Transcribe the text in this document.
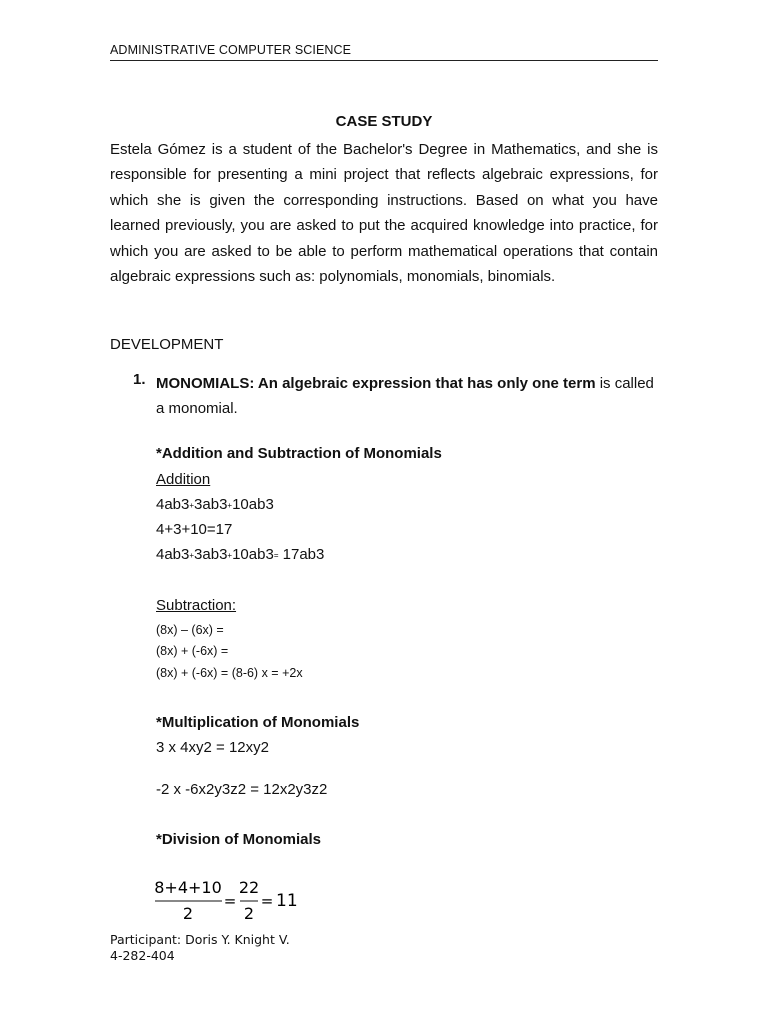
ADMINISTRATIVE COMPUTER SCIENCE
CASE STUDY

Estela Gómez is a student of the Bachelor's Degree in Mathematics, and she is responsible for presenting a mini project that reflects algebraic expressions, for which she is given the corresponding instructions. Based on what you have learned previously, you are asked to put the acquired knowledge into practice, for which you are asked to be able to perform mathematical operations that contain algebraic expressions such as: polynomials, monomials, binomials.

DEVELOPMENT
1. MONOMIALS: An algebraic expression that has only one term is called a monomial.

*Addition and Subtraction of Monomials
Addition
4ab3+3ab3+10ab3
4+3+10=17
4ab3+3ab3+10ab3= 17ab3
Subtraction:
(8x) – (6x) =
(8x) + (-6x) =
(8x) + (-6x) = (8-6) x = +2x
*Multiplication of Monomials
3 x 4xy2 = 12xy2
-2 x -6x2y3z2 = 12x2y3z2
*Division of Monomials
8+4+10
2
=
22
2
= 11
Participant: Doris Y. Knight V.
4-282-404
